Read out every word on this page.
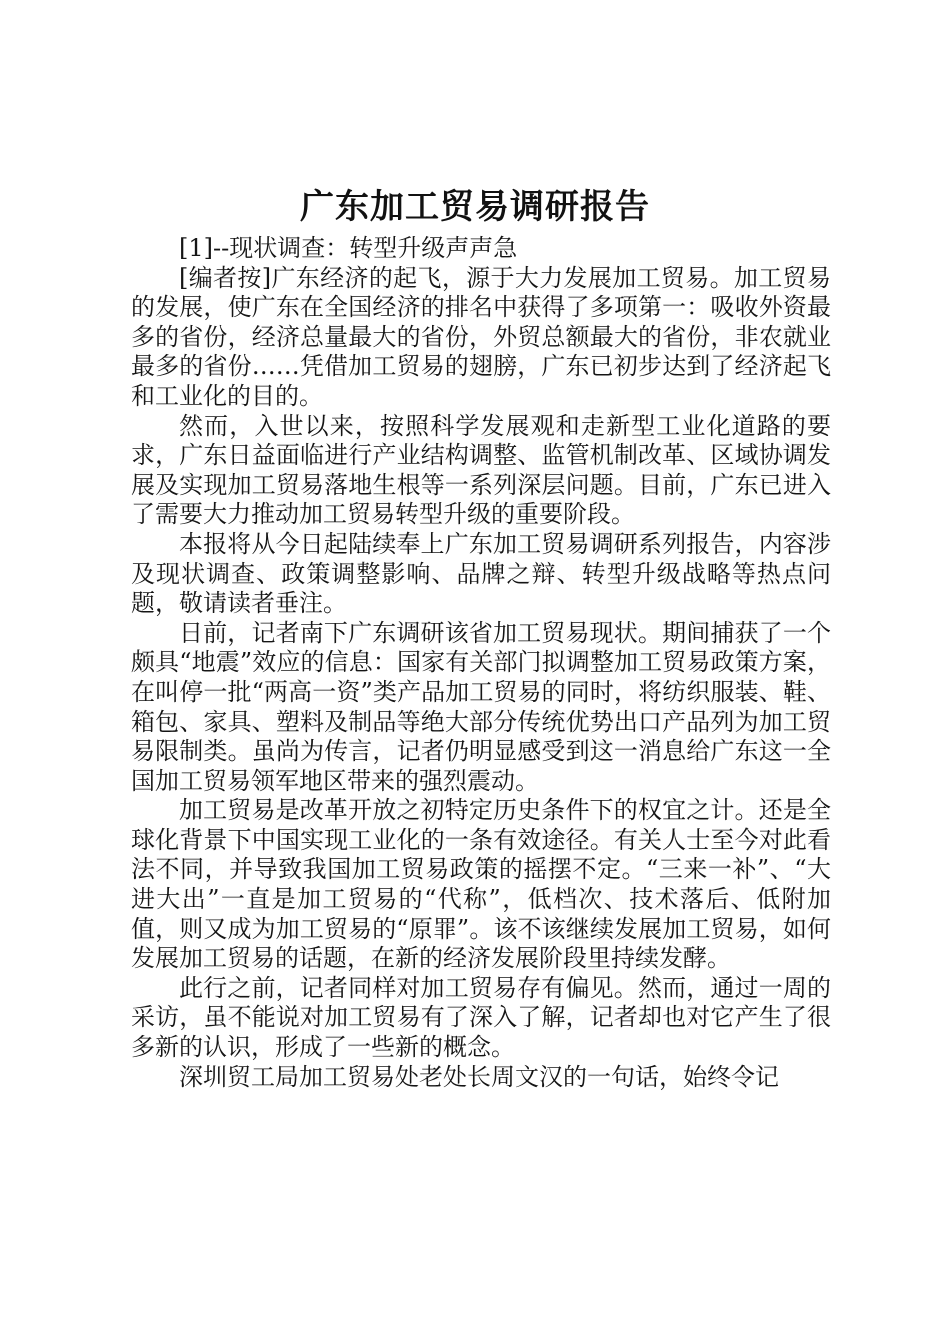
广东加工贸易调研报告

[1]--现状调查：转型升级声声急

[编者按]广东经济的起飞，源于大力发展加工贸易。加工贸易的发展，使广东在全国经济的排名中获得了多项第一：吸收外资最多的省份，经济总量最大的省份，外贸总额最大的省份，非农就业最多的省份……凭借加工贸易的翅膀，广东已初步达到了经济起飞和工业化的目的。

然而，入世以来，按照科学发展观和走新型工业化道路的要求，广东日益面临进行产业结构调整、监管机制改革、区域协调发展及实现加工贸易落地生根等一系列深层问题。目前，广东已进入了需要大力推动加工贸易转型升级的重要阶段。

本报将从今日起陆续奉上广东加工贸易调研系列报告，内容涉及现状调查、政策调整影响、品牌之辩、转型升级战略等热点问题，敬请读者垂注。

日前，记者南下广东调研该省加工贸易现状。期间捕获了一个颇具“地震”效应的信息：国家有关部门拟调整加工贸易政策方案，在叫停一批“两高一资”类产品加工贸易的同时，将纺织服装、鞋、箱包、家具、塑料及制品等绝大部分传统优势出口产品列为加工贸易限制类。虽尚为传言，记者仍明显感受到这一消息给广东这一全国加工贸易领军地区带来的强烈震动。

加工贸易是改革开放之初特定历史条件下的权宜之计。还是全球化背景下中国实现工业化的一条有效途径。有关人士至今对此看法不同，并导致我国加工贸易政策的摇摆不定。“三来一补”、“大进大出”一直是加工贸易的“代称”，低档次、技术落后、低附加值，则又成为加工贸易的“原罪”。该不该继续发展加工贸易，如何发展加工贸易的话题，在新的经济发展阶段里持续发酵。

此行之前，记者同样对加工贸易存有偏见。然而，通过一周的采访，虽不能说对加工贸易有了深入了解，记者却也对它产生了很多新的认识，形成了一些新的概念。

深圳贸工局加工贸易处老处长周文汉的一句话，始终令记
